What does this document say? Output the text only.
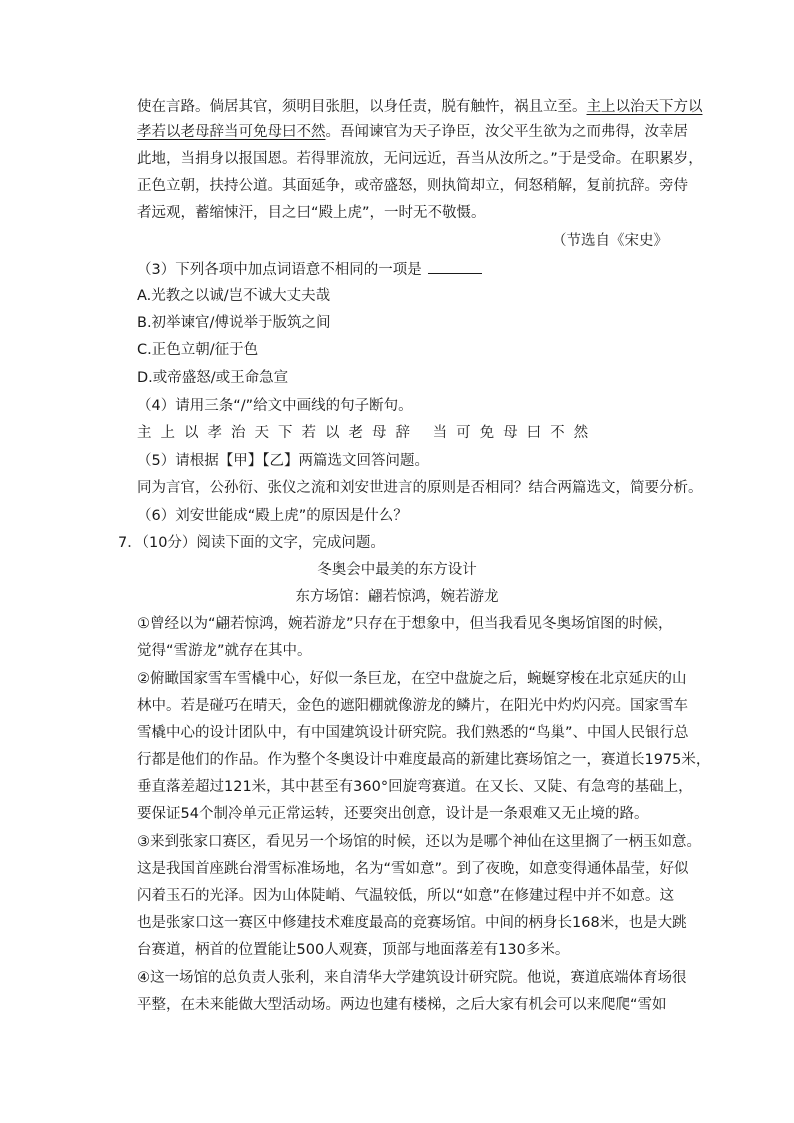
使在言路。倘居其官，须明目张胆，以身任责，脱有触忤，祸且立至。主上以治天下方以
孝若以老母辞当可免母曰不然。吾闻谏官为天子诤臣，汝父平生欲为之而弗得，汝幸居
此地，当捐身以报国恩。若得罪流放，无问远近，吾当从汝所之。”于是受命。在职累岁，
正色立朝，扶持公道。其面延争，或帝盛怒，则执简却立，伺怒稍解，复前抗辞。旁侍
者远观，蓄缩悚汗，目之曰“殿上虎”，一时无不敬慑。
（节选自《宋史》
（3）下列各项中加点词语意不相同的一项是
A.光教之以诚/岂不诚大丈夫哉
B.初举谏官/傅说举于版筑之间
C.正色立朝/征于色
D.或帝盛怒/或王命急宣
（4）请用三条“/”给文中画线的句子断句。
主上以孝治天下若以老母辞 当可免母曰不然
（5）请根据【甲】【乙】两篇选文回答问题。
同为言官，公孙衍、张仪之流和刘安世进言的原则是否相同？结合两篇选文，简要分析。
（6）刘安世能成“殿上虎”的原因是什么？
7．（10分）阅读下面的文字，完成问题。
冬奥会中最美的东方设计
东方场馆：翩若惊鸿，婉若游龙
①曾经以为“翩若惊鸿，婉若游龙”只存在于想象中，但当我看见冬奥场馆图的时候，
觉得“雪游龙”就存在其中。
②俯瞰国家雪车雪橇中心，好似一条巨龙，在空中盘旋之后，蜿蜒穿梭在北京延庆的山
林中。若是碰巧在晴天，金色的遮阳棚就像游龙的鳞片，在阳光中灼灼闪亮。国家雪车
雪橇中心的设计团队中，有中国建筑设计研究院。我们熟悉的“鸟巢”、中国人民银行总
行都是他们的作品。作为整个冬奥设计中难度最高的新建比赛场馆之一，赛道长1975米，
垂直落差超过121米，其中甚至有360°回旋弯赛道。在又长、又陡、有急弯的基础上，
要保证54个制冷单元正常运转，还要突出创意，设计是一条艰难又无止境的路。
③来到张家口赛区，看见另一个场馆的时候，还以为是哪个神仙在这里搁了一柄玉如意。
这是我国首座跳台滑雪标准场地，名为“雪如意”。到了夜晚，如意变得通体晶莹，好似
闪着玉石的光泽。因为山体陡峭、气温较低，所以“如意”在修建过程中并不如意。这
也是张家口这一赛区中修建技术难度最高的竞赛场馆。中间的柄身长168米，也是大跳
台赛道，柄首的位置能让500人观赛，顶部与地面落差有130多米。
④这一场馆的总负责人张利，来自清华大学建筑设计研究院。他说，赛道底端体育场很
平整，在未来能做大型活动场。两边也建有楼梯，之后大家有机会可以来爬爬“雪如
